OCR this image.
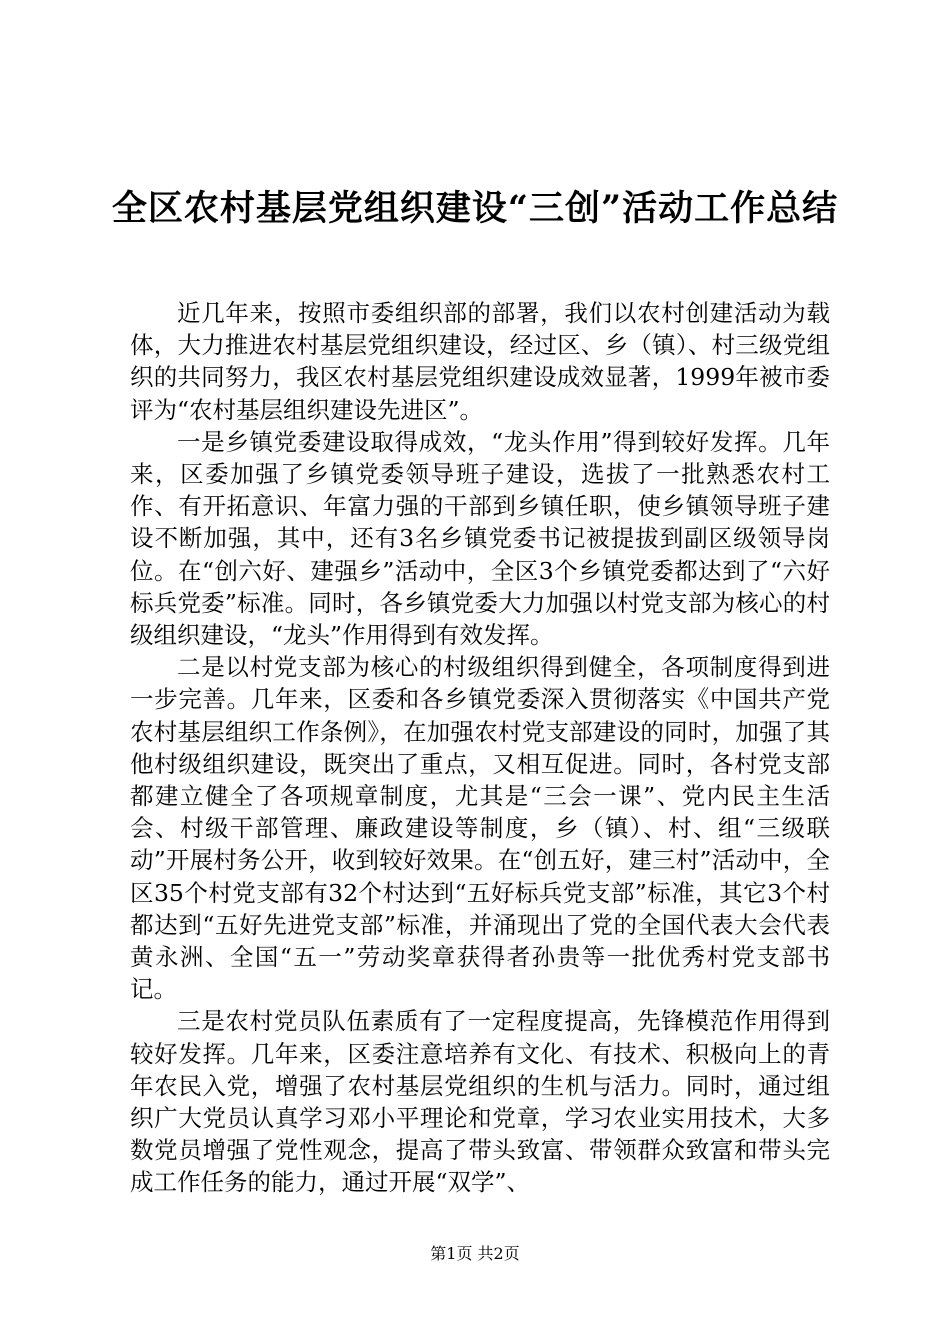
全区农村基层党组织建设“三创”活动工作总结

近几年来，按照市委组织部的部署，我们以农村创建活动为载体，大力推进农村基层党组织建设，经过区、乡（镇）、村三级党组织的共同努力，我区农村基层党组织建设成效显著，1999年被市委评为“农村基层组织建设先进区”。

一是乡镇党委建设取得成效，“龙头作用”得到较好发挥。几年来，区委加强了乡镇党委领导班子建设，选拔了一批熟悉农村工作、有开拓意识、年富力强的干部到乡镇任职，使乡镇领导班子建设不断加强，其中，还有3名乡镇党委书记被提拔到副区级领导岗位。在“创六好、建强乡”活动中，全区3个乡镇党委都达到了“六好标兵党委”标准。同时，各乡镇党委大力加强以村党支部为核心的村级组织建设，“龙头”作用得到有效发挥。

二是以村党支部为核心的村级组织得到健全，各项制度得到进一步完善。几年来，区委和各乡镇党委深入贯彻落实《中国共产党农村基层组织工作条例》，在加强农村党支部建设的同时，加强了其他村级组织建设，既突出了重点，又相互促进。同时，各村党支部都建立健全了各项规章制度，尤其是“三会一课”、党内民主生活会、村级干部管理、廉政建设等制度，乡（镇）、村、组“三级联动”开展村务公开，收到较好效果。在“创五好，建三村”活动中，全区35个村党支部有32个村达到“五好标兵党支部”标准，其它3个村都达到“五好先进党支部”标准，并涌现出了党的全国代表大会代表黄永洲、全国“五一”劳动奖章获得者孙贵等一批优秀村党支部书记。

三是农村党员队伍素质有了一定程度提高，先锋模范作用得到较好发挥。几年来，区委注意培养有文化、有技术、积极向上的青年农民入党，增强了农村基层党组织的生机与活力。同时，通过组织广大党员认真学习邓小平理论和党章，学习农业实用技术，大多数党员增强了党性观念，提高了带头致富、带领群众致富和带头完成工作任务的能力，通过开展“双学”、

第1页 共2页
